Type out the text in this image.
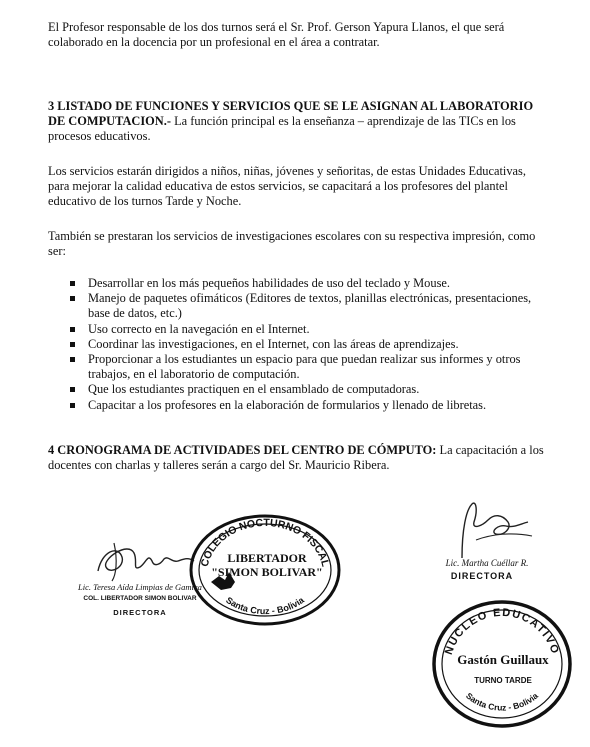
El Profesor responsable de los dos turnos será el Sr. Prof. Gerson Yapura Llanos, el que será colaborado en la docencia por un profesional en el área a contratar.

3 LISTADO DE FUNCIONES Y SERVICIOS QUE SE LE ASIGNAN AL LABORATORIO DE COMPUTACION.- La función principal es la enseñanza – aprendizaje de las TICs en los procesos educativos.

Los servicios estarán dirigidos a niños, niñas, jóvenes y señoritas, de estas Unidades Educativas, para mejorar la calidad educativa de estos servicios, se capacitará a los profesores del plantel educativo de los turnos Tarde y Noche.

También se prestaran los servicios de investigaciones escolares con su respectiva impresión, como ser:

Desarrollar en los más pequeños habilidades de uso del teclado y Mouse.
Manejo de paquetes ofimáticos (Editores de textos, planillas electrónicas, presentaciones, base de datos, etc.)
Uso correcto en la navegación en el Internet.
Coordinar las investigaciones, en el Internet, con las áreas de aprendizajes.
Proporcionar a los estudiantes un espacio para que puedan realizar sus informes y otros trabajos, en el laboratorio de computación.
Que los estudiantes practiquen en el ensamblado de computadoras.
Capacitar a los profesores en la elaboración de formularios y llenado de libretas.

4 CRONOGRAMA DE ACTIVIDADES DEL CENTRO DE CÓMPUTO: La capacitación a los docentes con charlas y talleres serán a cargo del Sr. Mauricio Ribera.

Lic. Teresa Aída Limpias de Gamica
COL. LIBERTADOR SIMON BOLIVAR
DIRECTORA
COLEGIO NOCTURNO FISCAL
LIBERTADOR
"SIMON BOLIVAR"
Santa Cruz - Bolivia
Lic. Martha Cuéllar R.
DIRECTORA
NUCLEO EDUCATIVO
Gastón Guillaux
TURNO TARDE
Santa Cruz - Bolivia
